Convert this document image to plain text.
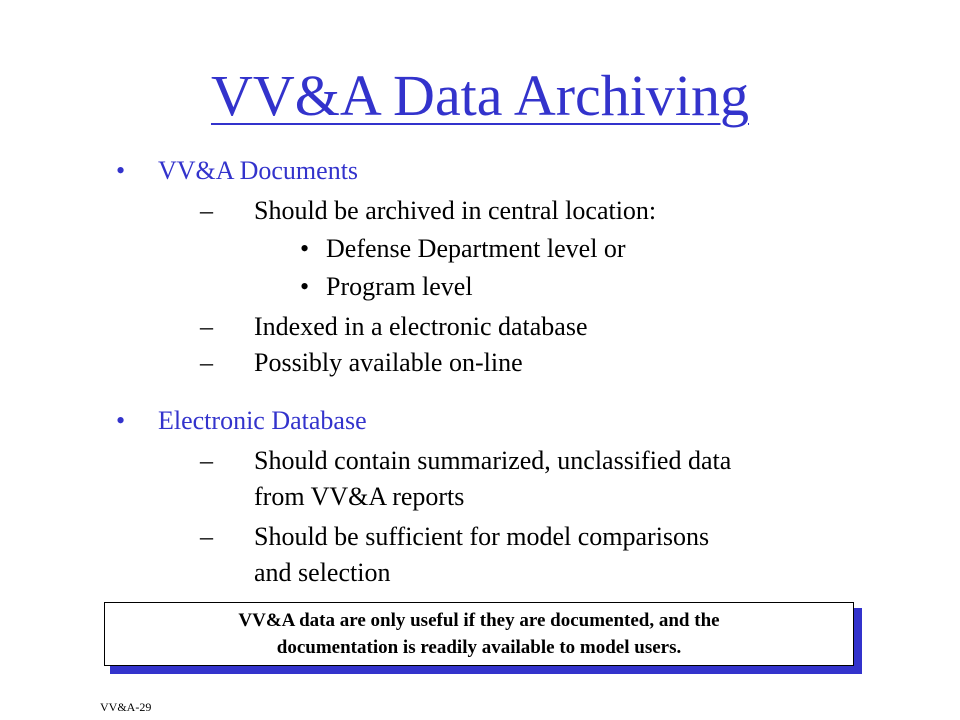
VV&A Data Archiving
• VV&A Documents
– Should be archived in central location:
• Defense Department level or
• Program level
– Indexed in a electronic database
– Possibly available on-line
• Electronic Database
– Should contain summarized, unclassified data
from VV&A reports
– Should be sufficient for model comparisons
and selection
VV&A data are only useful if they are documented, and the
documentation is readily available to model users.
VV&A-29
